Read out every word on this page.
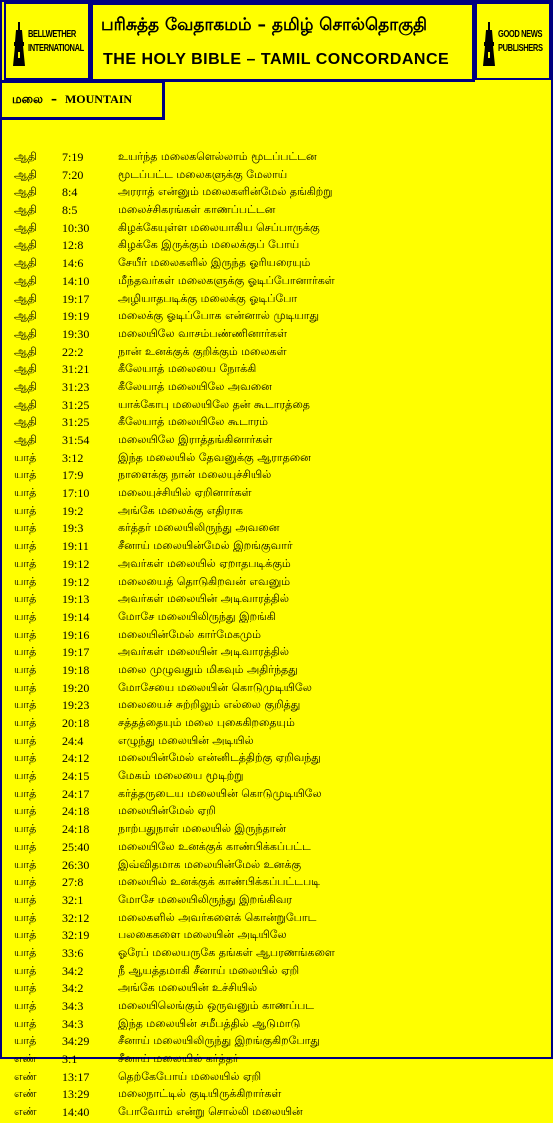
BELLWETHER INTERNATIONAL
பரிசுத்த வேதாகமம் – தமிழ் சொல்தொகுதி
THE HOLY BIBLE – TAMIL CONCORDANCE
GOOD NEWS PUBLISHERS
மலை – MOUNTAIN
ஆதி 7:19	உயர்ந்த மலைகளெல்லாம் மூடப்பட்டன
ஆதி 7:20	மூடப்பட்ட மலைகளுக்கு மேலாய்
ஆதி 8:4	அரராத் என்னும் மலைகளின்மேல் தங்கிற்று
ஆதி 8:5	மலைச்சிகரங்கள் காணப்பட்டன
ஆதி 10:30	கிழக்கேயுள்ள மலையாகிய செப்பாருக்கு
ஆதி 12:8	கிழக்கே இருக்கும் மலைக்குப் போய்
ஆதி 14:6	சேயீர் மலைகளில் இருந்த ஓரியரையும்
ஆதி 14:10	மீந்தவர்கள் மலைகளுக்கு ஓடிப்போனார்கள்
ஆதி 19:17	அழியாதபடிக்கு மலைக்கு ஓடிப்போ
ஆதி 19:19	மலைக்கு ஓடிப்போக என்னால் முடியாது
ஆதி 19:30	மலையிலே வாசம்பண்ணினார்கள்
ஆதி 22:2	நான் உனக்குக் குறிக்கும் மலைகள்
ஆதி 31:21	கீலேயாத் மலையை நோக்கி
ஆதி 31:23	கீலேயாத் மலையிலே அவனை
ஆதி 31:25	யாக்கோபு மலையிலே தன் கூடாரத்தை
ஆதி 31:25	கீலேயாத் மலையிலே கூடாரம்
ஆதி 31:54	மலையிலே இராத்தங்கினார்கள்
யாத் 3:12	இந்த மலையில் தேவனுக்கு ஆராதனை
யாத் 17:9	நாளைக்கு நான் மலையுச்சியில்
யாத் 17:10	மலையுச்சியில் ஏறினார்கள்
யாத் 19:2	அங்கே மலைக்கு எதிராக
யாத் 19:3	கர்த்தர் மலையிலிருந்து அவனை
யாத் 19:11	சீனாய் மலையின்மேல் இறங்குவார்
யாத் 19:12	அவர்கள் மலையில் ஏறாதபடிக்கும்
யாத் 19:12	மலையைத் தொடுகிறவன் எவனும்
யாத் 19:13	அவர்கள் மலையின் அடிவாரத்தில்
யாத் 19:14	மோசே மலையிலிருந்து இறங்கி
யாத் 19:16	மலையின்மேல் கார்மேகமும்
யாத் 19:17	அவர்கள் மலையின் அடிவாரத்தில்
யாத் 19:18	மலை முழுவதும் மிகவும் அதிர்ந்தது
யாத் 19:20	மோசேயை மலையின் கொடுமுடியிலே
யாத் 19:23	மலையைச் சுற்றிலும் எல்லை குறித்து
யாத் 20:18	சத்தத்தையும் மலை புகைகிறதையும்
யாத் 24:4	எழுந்து மலையின் அடியில்
யாத் 24:12	மலையின்மேல் என்னிடத்திற்கு ஏறிவந்து
யாத் 24:15	மேகம் மலையை மூடிற்று
யாத் 24:17	கர்த்தருடைய மலையின் கொடுமுடியிலே
யாத் 24:18	மலையின்மேல் ஏறி
யாத் 24:18	நாற்பதுநாள் மலையில் இருந்தான்
யாத் 25:40	மலையிலே உனக்குக் காண்பிக்கப்பட்ட
யாத் 26:30	இவ்விதமாக மலையின்மேல் உனக்கு
யாத் 27:8	மலையில் உனக்குக் காண்பிக்கப்பட்டபடி
யாத் 32:1	மோசே மலையிலிருந்து இறங்கிவர
யாத் 32:12	மலைகளில் அவர்களைக் கொன்றுபோட
யாத் 32:19	பலகைகளை மலையின் அடியிலே
யாத் 33:6	ஓரேப் மலையருகே தங்கள் ஆபரணங்களை
யாத் 34:2	நீ ஆயத்தமாகி சீனாய் மலையில் ஏறி
யாத் 34:2	அங்கே மலையின் உச்சியில்
யாத் 34:3	மலையிலெங்கும் ஒருவனும் காணப்பட
யாத் 34:3	இந்த மலையின் சமீபத்தில் ஆடுமாடு
யாத் 34:29	சீனாய் மலையிலிருந்து இறங்குகிறபோது
எண் 3:1	சீனாய் மலையில் கர்த்தர்
எண் 13:17	தெற்கேபோய் மலையில் ஏறி
எண் 13:29	மலைநாட்டில் குடியிருக்கிறார்கள்
எண் 14:40	போவோம் என்று சொல்லி மலையின்
